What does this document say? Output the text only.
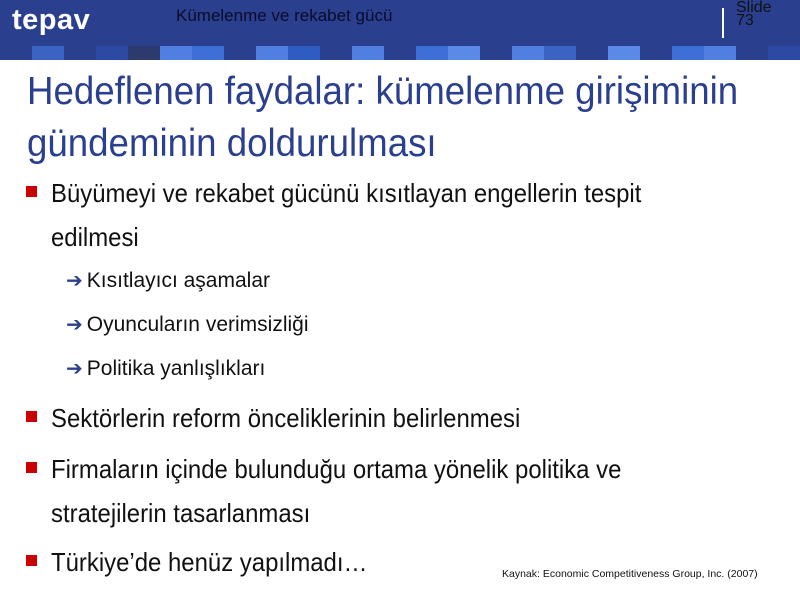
tepav	Kümelenme ve rekabet gücü	Slide
73
Hedeflenen faydalar: kümelenme girişiminin
gündeminin doldurulması
Büyümeyi ve rekabet gücünü kısıtlayan engellerin tespit edilmesi
➔ Kısıtlayıcı aşamalar
➔ Oyuncuların verimsizliği
➔ Politika yanlışlıkları
Sektörlerin reform önceliklerinin belirlenmesi
Firmaların içinde bulunduğu ortama yönelik politika ve stratejilerin tasarlanması
Türkiye’de henüz yapılmadı…	Kaynak: Economic Competitiveness Group, Inc. (2007)
